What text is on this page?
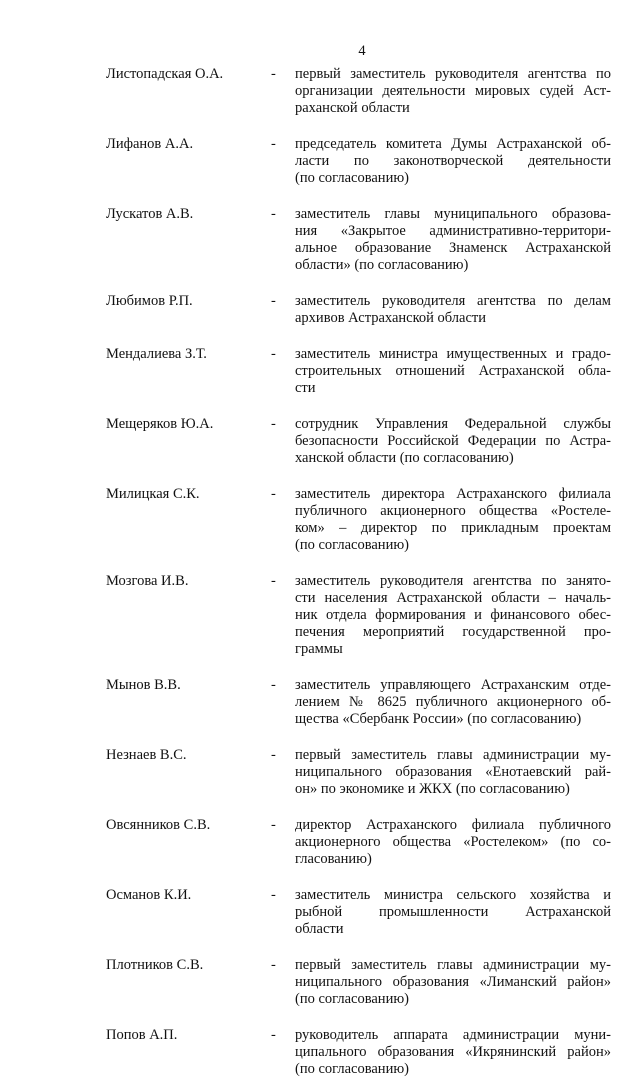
4
Листопадская О.А.	- первый заместитель руководителя агентства по
организации деятельности мировых судей Аст-
раханской области
Лифанов А.А.	- председатель комитета Думы Астраханской об-
ласти по законотворческой деятельности
(по согласованию)
Лускатов А.В.	- заместитель главы муниципального образова-
ния «Закрытое административно-территори-
альное образование Знаменск Астраханской
области» (по согласованию)
Любимов Р.П.	- заместитель руководителя агентства по делам
архивов Астраханской области
Мендалиева З.Т.	- заместитель министра имущественных и градо-
строительных отношений Астраханской обла-
сти
Мещеряков Ю.А.	- сотрудник Управления Федеральной службы
безопасности Российской Федерации по Астра-
ханской области (по согласованию)
Милицкая С.К.	- заместитель директора Астраханского филиала
публичного акционерного общества «Ростеле-
ком» – директор по прикладным проектам
(по согласованию)
Мозгова И.В.	- заместитель руководителя агентства по занято-
сти населения Астраханской области – началь-
ник отдела формирования и финансового обес-
печения мероприятий государственной про-
граммы
Мынов В.В.	- заместитель управляющего Астраханским отде-
лением № 8625 публичного акционерного об-
щества «Сбербанк России» (по согласованию)
Незнаев В.С.	- первый заместитель главы администрации му-
ниципального образования «Енотаевский рай-
он» по экономике и ЖКХ (по согласованию)
Овсянников С.В.	- директор Астраханского филиала публичного
акционерного общества «Ростелеком» (по со-
гласованию)
Османов К.И.	- заместитель министра сельского хозяйства и
рыбной промышленности Астраханской
области
Плотников С.В.	- первый заместитель главы администрации му-
ниципального образования «Лиманский район»
(по согласованию)
Попов А.П.	- руководитель аппарата администрации муни-
ципального образования «Икрянинский район»
(по согласованию)
